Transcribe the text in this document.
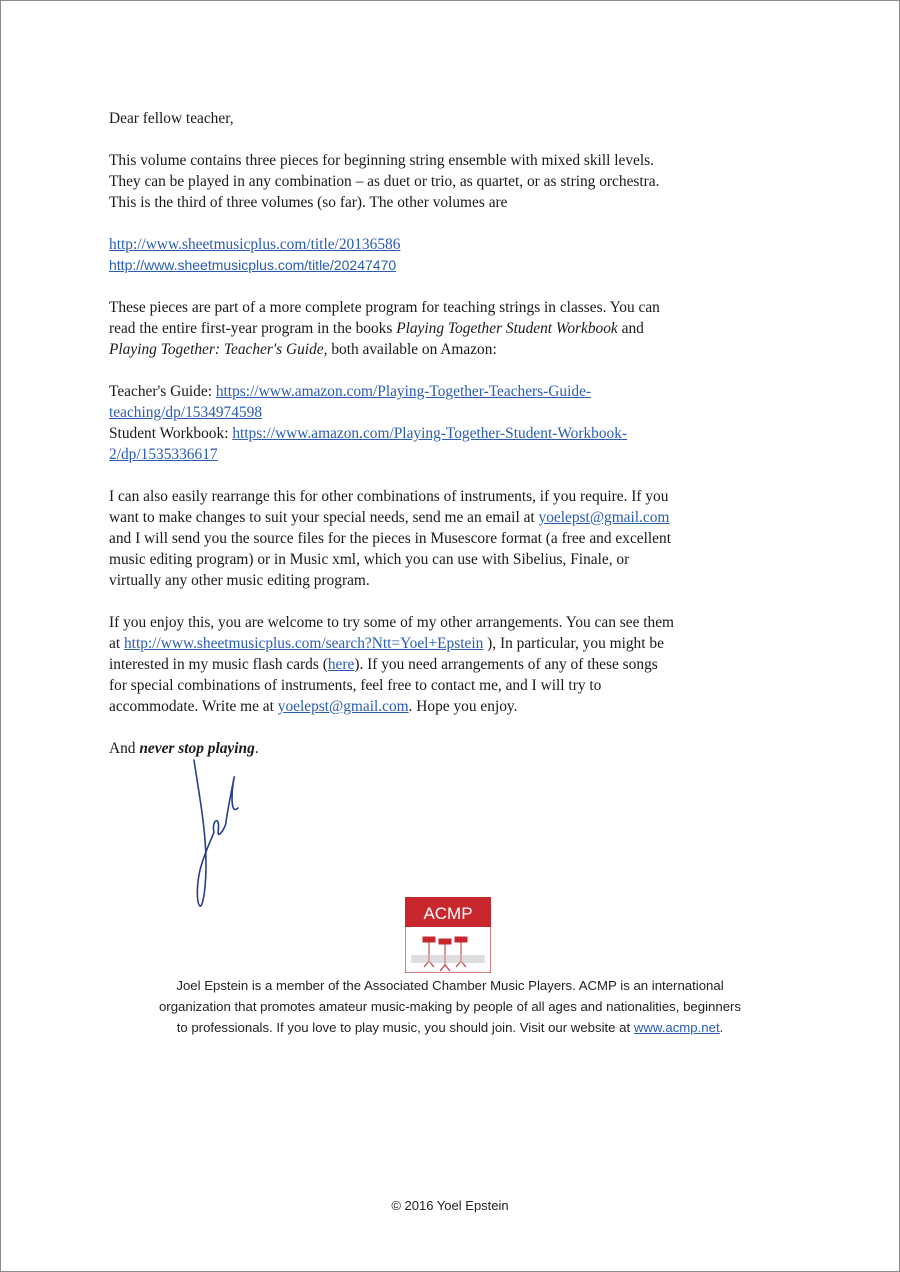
Dear fellow teacher,

This volume contains three pieces for beginning string ensemble with mixed skill levels.

They can be played in any combination – as duet or trio, as quartet, or as string orchestra.

This is the third of three volumes (so far). The other volumes are

http://www.sheetmusicplus.com/title/20136586

http://www.sheetmusicplus.com/title/20247470

These pieces are part of a more complete program for teaching strings in classes. You can

read the entire first-year program in the books Playing Together Student Workbook and

Playing Together: Teacher's Guide, both available on Amazon:

Teacher's Guide: https://www.amazon.com/Playing-Together-Teachers-Guide-

teaching/dp/1534974598

Student Workbook: https://www.amazon.com/Playing-Together-Student-Workbook-

2/dp/1535336617

I can also easily rearrange this for other combinations of instruments, if you require. If you

want to make changes to suit your special needs, send me an email at yoelepst@gmail.com

and I will send you the source files for the pieces in Musescore format (a free and excellent

music editing program) or in Music xml, which you can use with Sibelius, Finale, or

virtually any other music editing program.

If you enjoy this, you are welcome to try some of my other arrangements. You can see them

at http://www.sheetmusicplus.com/search?Ntt=Yoel+Epstein ), In particular, you might be

interested in my music flash cards (here). If you need arrangements of any of these songs

for special combinations of instruments, feel free to contact me, and I will try to

accommodate. Write me at yoelepst@gmail.com. Hope you enjoy.

And never stop playing.

ACMP
Joel Epstein is a member of the Associated Chamber Music Players. ACMP is an international
organization that promotes amateur music-making by people of all ages and nationalities, beginners
to professionals. If you love to play music, you should join. Visit our website at www.acmp.net.
© 2016 Yoel Epstein
